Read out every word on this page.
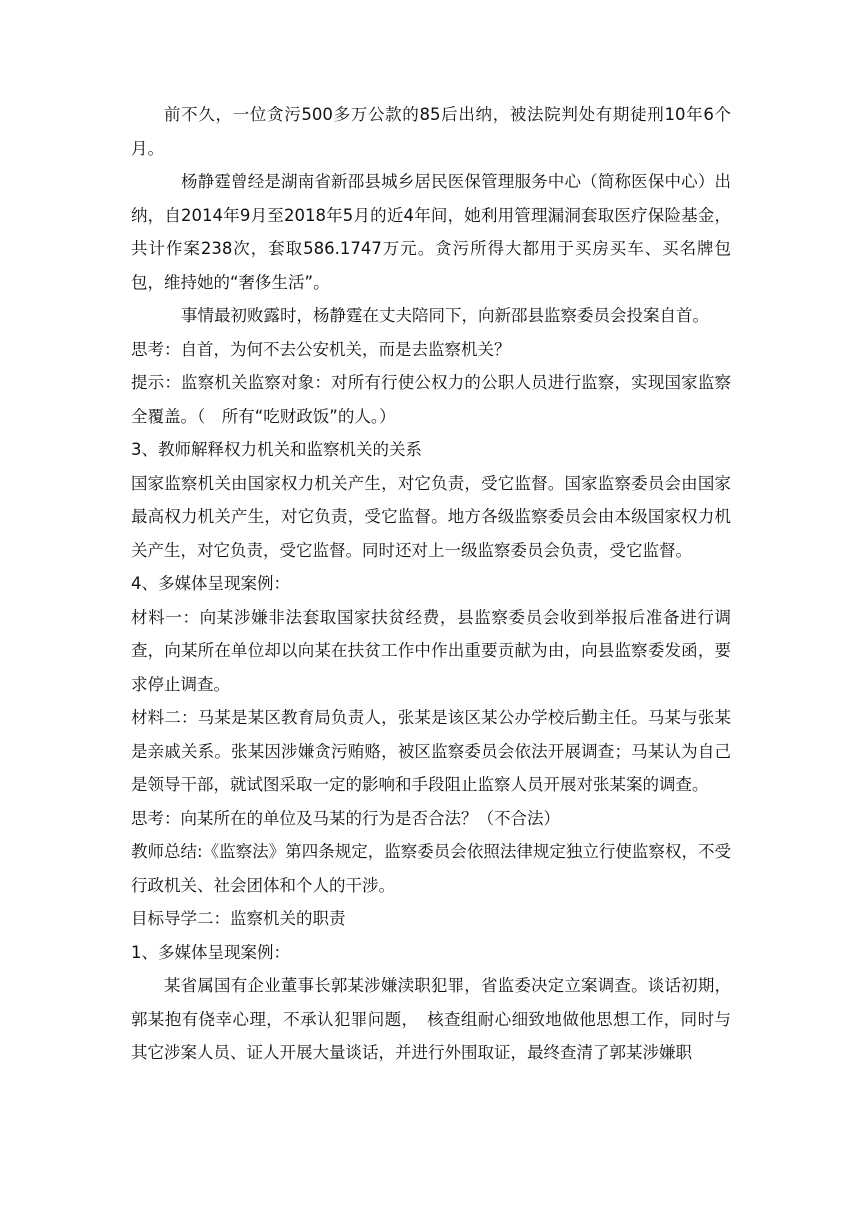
前不久，一位贪污500多万公款的85后出纳，被法院判处有期徒刑10年6个月。

杨静霆曾经是湖南省新邵县城乡居民医保管理服务中心（简称医保中心）出纳，自2014年9月至2018年5月的近4年间，她利用管理漏洞套取医疗保险基金，共计作案238次，套取586.1747万元。贪污所得大都用于买房买车、买名牌包包，维持她的“奢侈生活”。

事情最初败露时，杨静霆在丈夫陪同下，向新邵县监察委员会投案自首。

思考：自首，为何不去公安机关，而是去监察机关？

提示：监察机关监察对象：对所有行使公权力的公职人员进行监察，实现国家监察全覆盖。（　所有“吃财政饭”的人。）

3、教师解释权力机关和监察机关的关系

国家监察机关由国家权力机关产生，对它负责，受它监督。国家监察委员会由国家最高权力机关产生，对它负责，受它监督。地方各级监察委员会由本级国家权力机关产生，对它负责，受它监督。同时还对上一级监察委员会负责，受它监督。

4、多媒体呈现案例：

材料一：向某涉嫌非法套取国家扶贫经费，县监察委员会收到举报后准备进行调查，向某所在单位却以向某在扶贫工作中作出重要贡献为由，向县监察委发函，要求停止调查。

材料二：马某是某区教育局负责人，张某是该区某公办学校后勤主任。马某与张某是亲戚关系。张某因涉嫌贪污贿赂，被区监察委员会依法开展调查；马某认为自己是领导干部，就试图采取一定的影响和手段阻止监察人员开展对张某案的调查。

思考：向某所在的单位及马某的行为是否合法？（不合法）

教师总结:《监察法》第四条规定，监察委员会依照法律规定独立行使监察权，不受行政机关、社会团体和个人的干涉。

目标导学二：监察机关的职责

1、多媒体呈现案例：

某省属国有企业董事长郭某涉嫌渎职犯罪，省监委决定立案调查。谈话初期，郭某抱有侥幸心理，不承认犯罪问题，　核查组耐心细致地做他思想工作，同时与其它涉案人员、证人开展大量谈话，并进行外围取证，最终查清了郭某涉嫌职
